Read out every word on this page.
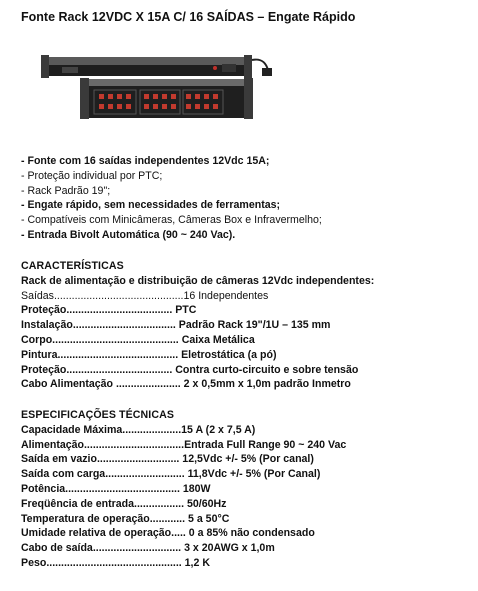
Fonte Rack 12VDC X 15A C/ 16 SAÍDAS – Engate Rápido
- Fonte com 16 saídas independentes 12Vdc 15A;
- Proteção individual por PTC;
- Rack Padrão 19";
- Engate rápido, sem necessidades de ferramentas;
- Compatíveis com Minicâmeras, Câmeras Box e Infravermelho;
- Entrada Bivolt Automática (90 ~ 240 Vac).
CARACTERÍSTICAS
Rack de alimentação e distribuição de câmeras 12Vdc independentes:
Saídas............................................16 Independentes
Proteção.................................... PTC
Instalação................................... Padrão Rack 19"/1U – 135 mm
Corpo........................................... Caixa Metálica
Pintura......................................... Eletrostática (a pó)
Proteção.................................... Contra curto-circuito e sobre tensão
Cabo Alimentação ...................... 2 x 0,5mm x 1,0m padrão Inmetro
ESPECIFICAÇÕES TÉCNICAS
Capacidade Máxima....................15 A (2 x 7,5 A)
Alimentação..................................Entrada Full Range 90 ~ 240 Vac
Saída em vazio............................ 12,5Vdc +/- 5% (Por canal)
Saída com carga........................... 11,8Vdc +/- 5% (Por Canal)
Potência....................................... 180W
Freqüência de entrada................. 50/60Hz
Temperatura de operação............ 5 a 50°C
Umidade relativa de operação..... 0 a 85% não condensado
Cabo de saída.............................. 3 x 20AWG x 1,0m
Peso.............................................. 1,2 K
